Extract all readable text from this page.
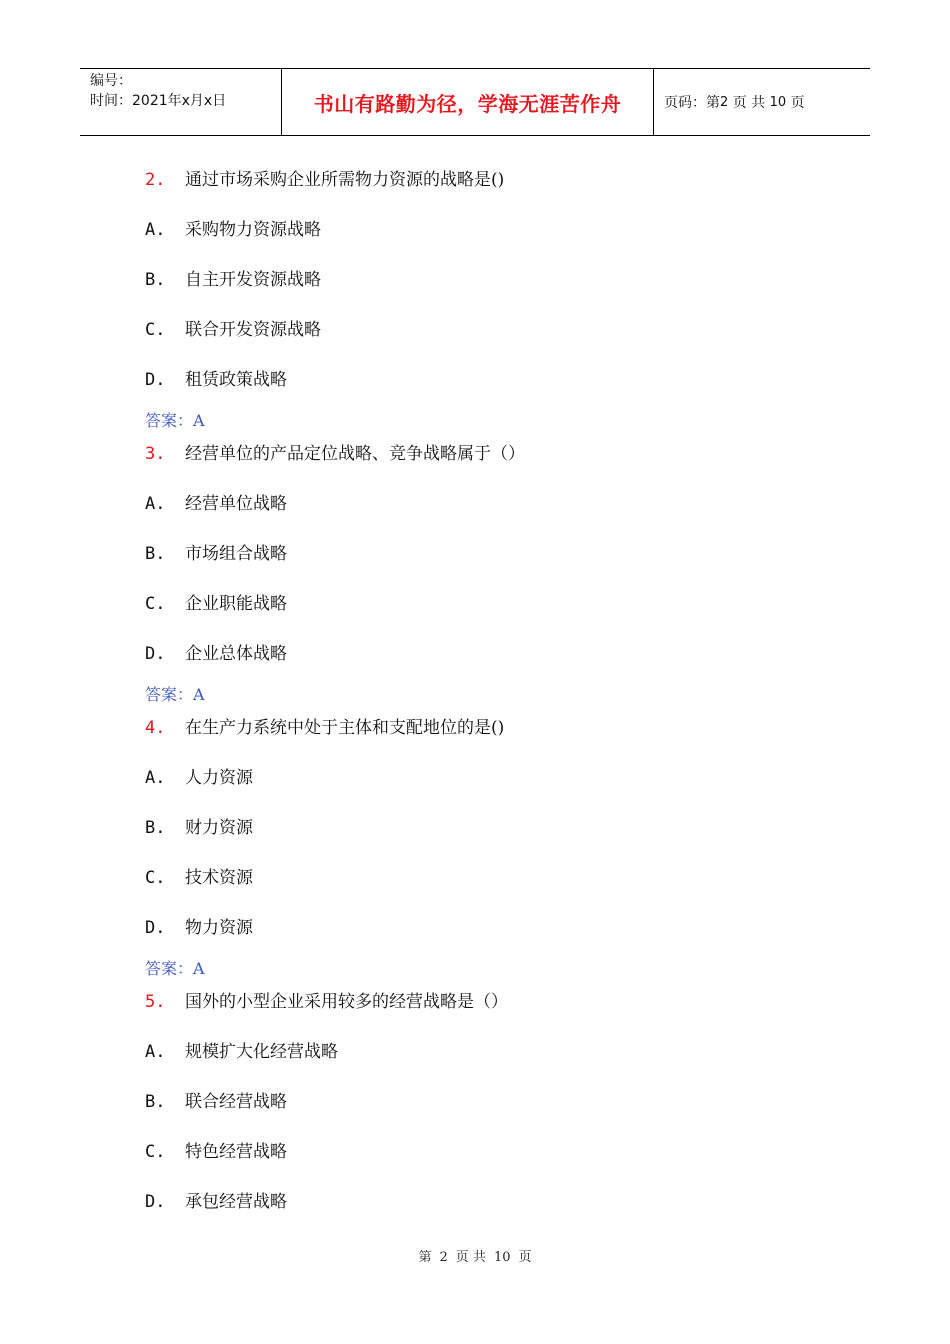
编号：
时间：2021年x月x日	书山有路勤为径，学海无涯苦作舟	页码：第 2
页 共
10
页
2. 通过市场采购企业所需物力资源的战略是()
A. 采购物力资源战略
B. 自主开发资源战略
C. 联合开发资源战略
D. 租赁政策战略
答案：A
3. 经营单位的产品定位战略、竞争战略属于（）
A. 经营单位战略
B. 市场组合战略
C. 企业职能战略
D. 企业总体战略
答案：A
4. 在生产力系统中处于主体和支配地位的是()
A. 人力资源
B. 财力资源
C. 技术资源
D. 物力资源
答案：A
5. 国外的小型企业采用较多的经营战略是（）
A. 规模扩大化经营战略
B. 联合经营战略
C. 特色经营战略
D. 承包经营战略
第 2 页 共 10 页
